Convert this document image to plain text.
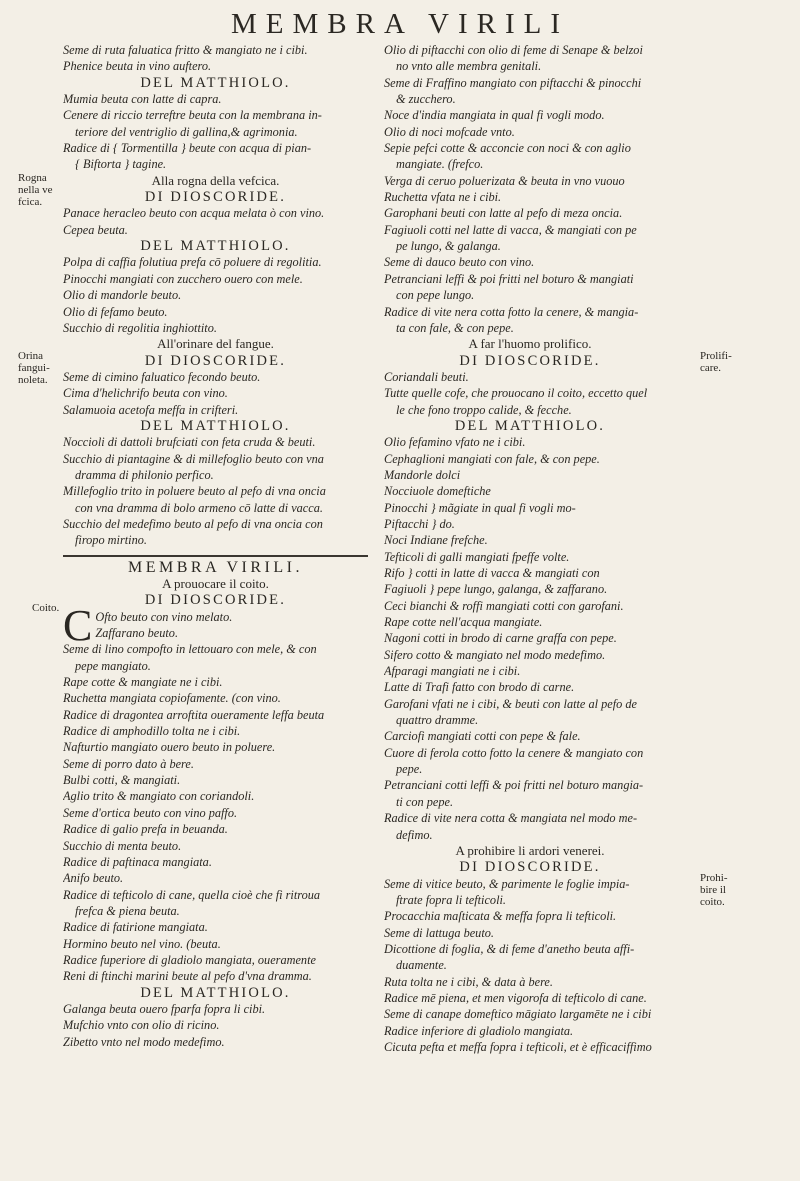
MEMBRA VIRILI
Seme di ruta faluatica fritto & mangiato ne i cibi.
Phenice beuta in vino auftero.
DEL MATTHIOLO.
Mumia beuta con latte di capra.
Cenere di riccio terreftre beuta con la membrana in-
teriore del ventriglio di gallina,& agrimonia.
Radice di { Tormentilla } beute con acqua di pian-
{ Biftorta } tagine.
Alla rogna della vefcica.
DI DIOSCORIDE.
Panace heracleo beuto con acqua melata ò con vino.
Cepea beuta.
DEL MATTHIOLO.
Polpa di caffia folutiua prefa cō poluere di regolitia.
Pinocchi mangiati con zucchero ouero con mele.
Olio di mandorle beuto.
Olio di fefamo beuto.
Succhio di regolitia inghiottito.
All'orinare del fangue.
DI DIOSCORIDE.
Seme di cimino faluatico fecondo beuto.
Cima d'helichrifo beuta con vino.
Salamuoia acetofa meffa in crifteri.
DEL MATTHIOLO.
Noccioli di dattoli brufciati con feta cruda & beuti.
Succhio di piantagine & di millefoglio beuto con vna
dramma di philonio perfico.
Millefoglio trito in poluere beuto al pefo di vna oncia
con vna dramma di bolo armeno cō latte di vacca.
Succhio del medefimo beuto al pefo di vna oncia con
firopo mirtino.
MEMBRA VIRILI.
A prouocare il coito.
DI DIOSCORIDE.
C Ofto beuto con vino melato.
Zaffarano beuto.
Seme di lino compofto in lettouaro con mele, & con
pepe mangiato.
Rape cotte & mangiate ne i cibi.
Ruchetta mangiata copiofamente. (con vino.
Radice di dragontea arroftita oueramente leffa beuta
Radice di amphodillo tolta ne i cibi.
Nafturtio mangiato ouero beuto in poluere.
Seme di porro dato à bere.
Bulbi cotti, & mangiati.
Aglio trito & mangiato con coriandoli.
Seme d'ortica beuto con vino paffo.
Radice di galio prefa in beuanda.
Succhio di menta beuto.
Radice di paftinaca mangiata.
Anifo beuto.
Radice di tefticolo di cane, quella cioè che fi ritroua
frefca & piena beuta.
Radice di fatirione mangiata.
Hormino beuto nel vino. (beuta.
Radice fuperiore di gladiolo mangiata, oueramente
Reni di ftinchi marini beute al pefo d'vna dramma.
DEL MATTHIOLO.
Galanga beuta ouero fparfa fopra li cibi.
Mufchio vnto con olio di ricino.
Zibetto vnto nel modo medefimo.
Olio di piftacchi con olio di feme di Senape & belzoi
no vnto alle membra genitali.
Seme di Fraffino mangiato con piftacchi & pinocchi
& zucchero.
Noce d'india mangiata in qual fi vogli modo.
Olio di noci mofcade vnto.
Sepie pefci cotte & acconcie con noci & con aglio
mangiate. (frefco.
Verga di ceruo poluerizata & beuta in vno vuouo
Ruchetta vfata ne i cibi.
Garophani beuti con latte al pefo di meza oncia.
Fagiuoli cotti nel latte di vacca, & mangiati con pe
pe lungo, & galanga.
Seme di dauco beuto con vino.
Petranciani leffi & poi fritti nel boturo & mangiati
con pepe lungo.
Radice di vite nera cotta fotto la cenere, & mangia-
ta con fale, & con pepe.
A far l'huomo prolifico.
DI DIOSCORIDE.
Coriandali beuti.
Tutte quelle cofe, che prouocano il coito, eccetto quel
le che fono troppo calide, & fecche.
DEL MATTHIOLO.
Olio fefamino vfato ne i cibi.
Cephaglioni mangiati con fale, & con pepe.
Mandorle dolci
Nocciuole domeftiche
Pinocchi } mãgiate in qual fi vogli mo-
Piftacchi } do.
Noci Indiane frefche.
Tefticoli di galli mangiati fpeffe volte.
Rifo } cotti in latte di vacca & mangiati con
Fagiuoli } pepe lungo, galanga, & zaffarano.
Ceci bianchi & roffi mangiati cotti con garofani.
Rape cotte nell'acqua mangiate.
Nagoni cotti in brodo di carne graffa con pepe.
Sifero cotto & mangiato nel modo medefimo.
Afparagi mangiati ne i cibi.
Latte di Trafi fatto con brodo di carne.
Garofani vfati ne i cibi, & beuti con latte al pefo de
quattro dramme.
Carciofi mangiati cotti con pepe & fale.
Cuore di ferola cotto fotto la cenere & mangiato con
pepe.
Petranciani cotti leffi & poi fritti nel boturo mangia-
ti con pepe.
Radice di vite nera cotta & mangiata nel modo me-
defimo.
A prohibire li ardori venerei.
DI DIOSCORIDE.
Seme di vitice beuto, & parimente le foglie impia-
ftrate fopra li tefticoli.
Procacchia maſticata & meffa fopra li tefticoli.
Seme di lattuga beuto.
Dicottione di foglia, & di feme d'anetho beuta affi-
duamente.
Ruta tolta ne i cibi, & data à bere.
Radice mē piena, et men vigorofa di tefticolo di cane.
Seme di canape domeftico māgiato largamēte ne i cibi
Radice inferiore di gladiolo mangiata.
Cicuta pefta et meffa fopra i tefticoli, et è efficaciffimo
Rogna nella ve fcica.
Orina fangui- noleta.
Coito.
Prolifi- care.
Prohi- bire il coito.
